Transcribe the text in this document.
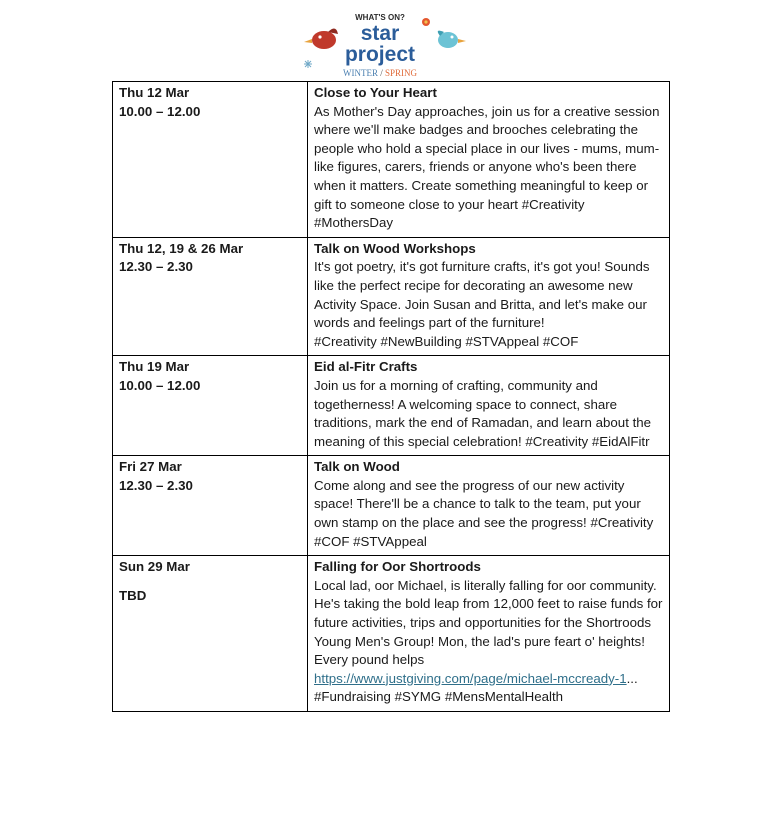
WHAT'S ON?
star
project
WINTER / SPRING
Thu 12 Mar
10.00 – 12.00	Close to Your Heart
As Mother's Day approaches, join us for a creative session where we'll make badges and brooches celebrating the people who hold a special place in our lives - mums, mum-like figures, carers, friends or anyone who's been there when it matters. Create something meaningful to keep or gift to someone close to your heart #Creativity #MothersDay

Thu 12, 19 & 26 Mar
12.30 – 2.30	Talk on Wood Workshops
It's got poetry, it's got furniture crafts, it's got you! Sounds like the perfect recipe for decorating an awesome new Activity Space. Join Susan and Britta, and let's make our words and feelings part of the furniture!
#Creativity #NewBuilding #STVAppeal #COF

Thu 19 Mar
10.00 – 12.00	Eid al-Fitr Crafts
Join us for a morning of crafting, community and togetherness! A welcoming space to connect, share traditions, mark the end of Ramadan, and learn about the meaning of this special celebration! #Creativity #EidAlFitr

Fri 27 Mar
12.30 – 2.30	Talk on Wood
Come along and see the progress of our new activity space! There'll be a chance to talk to the team, put your own stamp on the place and see the progress! #Creativity #COF #STVAppeal

Sun 29 Mar
TBD	Falling for Oor Shortroods
Local lad, oor Michael, is literally falling for oor community. He's taking the bold leap from 12,000 feet to raise funds for future activities, trips and opportunities for the Shortroods Young Men's Group! Mon, the lad's pure feart o' heights! Every pound helps
https://www.justgiving.com/page/michael-mccready-1...
#Fundraising #SYMG #MensMentalHealth
